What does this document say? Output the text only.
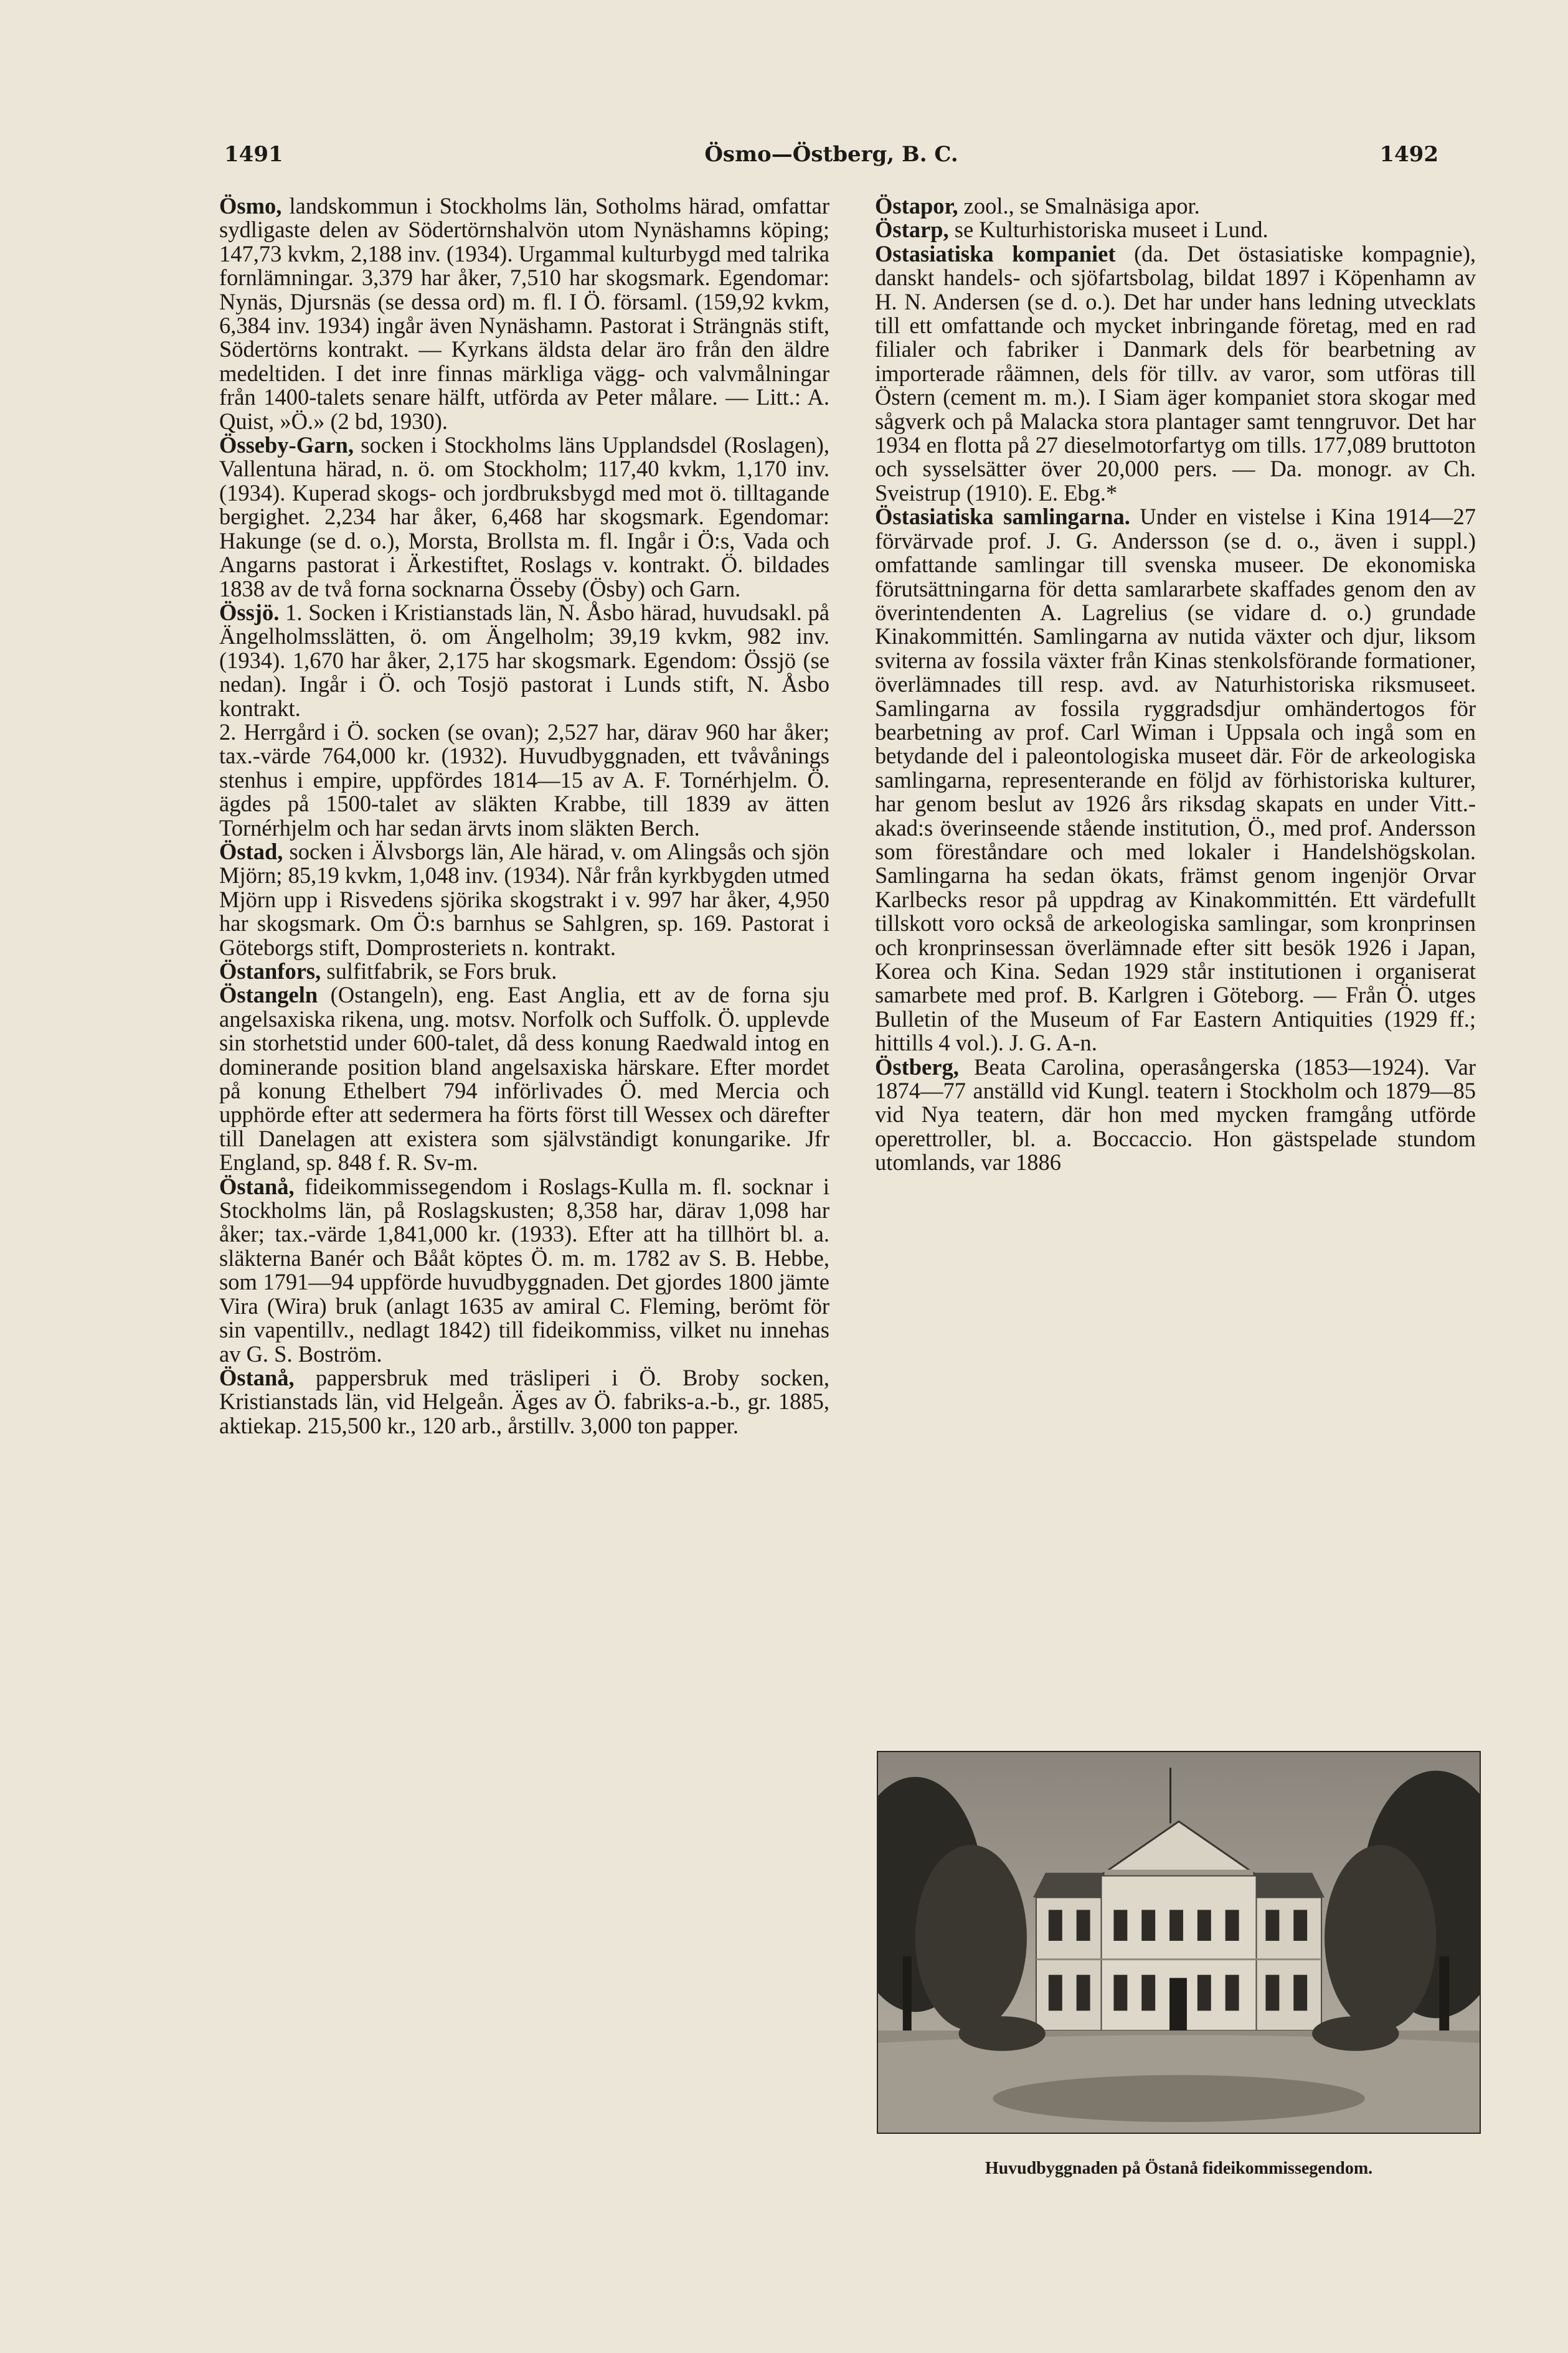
1491	Ösmo—Östberg, B. C.	1492

Ösmo, landskommun i Stockholms län, Sotholms härad, omfattar sydligaste delen av Södertörnshalvön utom Nynäshamns köping; 147,73 kvkm, 2,188 inv. (1934). Urgammal kulturbygd med talrika fornlämningar. 3,379 har åker, 7,510 har skogsmark. Egendomar: Nynäs, Djursnäs (se dessa ord) m. fl. I Ö. församl. (159,92 kvkm, 6,384 inv. 1934) ingår även Nynäshamn. Pastorat i Strängnäs stift, Södertörns kontrakt. — Kyrkans äldsta delar äro från den äldre medeltiden. I det inre finnas märkliga vägg- och valvmålningar från 1400-talets senare hälft, utförda av Peter målare. — Litt.: A. Quist, »Ö.» (2 bd, 1930).

Össeby-Garn, socken i Stockholms läns Upplandsdel (Roslagen), Vallentuna härad, n. ö. om Stockholm; 117,40 kvkm, 1,170 inv. (1934). Kuperad skogs- och jordbruksbygd med mot ö. tilltagande bergighet. 2,234 har åker, 6,468 har skogsmark. Egendomar: Hakunge (se d. o.), Morsta, Brollsta m. fl. Ingår i Ö:s, Vada och Angarns pastorat i Ärkestiftet, Roslags v. kontrakt. Ö. bildades 1838 av de två forna socknarna Össeby (Ösby) och Garn.

Össjö. 1. Socken i Kristianstads län, N. Åsbo härad, huvudsakl. på Ängelholmsslätten, ö. om Ängelholm; 39,19 kvkm, 982 inv. (1934). 1,670 har åker, 2,175 har skogsmark. Egendom: Össjö (se nedan). Ingår i Ö. och Tosjö pastorat i Lunds stift, N. Åsbo kontrakt.

2. Herrgård i Ö. socken (se ovan); 2,527 har, därav 960 har åker; tax.-värde 764,000 kr. (1932). Huvudbyggnaden, ett tvåvånings stenhus i empire, uppfördes 1814—15 av A. F. Tornérhjelm. Ö. ägdes på 1500-talet av släkten Krabbe, till 1839 av ätten Tornérhjelm och har sedan ärvts inom släkten Berch.

Östad, socken i Älvsborgs län, Ale härad, v. om Alingsås och sjön Mjörn; 85,19 kvkm, 1,048 inv. (1934). Når från kyrkbygden utmed Mjörn upp i Risvedens sjörika skogstrakt i v. 997 har åker, 4,950 har skogsmark. Om Ö:s barnhus se Sahlgren, sp. 169. Pastorat i Göteborgs stift, Domprosteriets n. kontrakt.

Östanfors, sulfitfabrik, se Fors bruk.

Östangeln (Ostangeln), eng. East Anglia, ett av de forna sju angelsaxiska rikena, ung. motsv. Norfolk och Suffolk. Ö. upplevde sin storhetstid under 600-talet, då dess konung Raedwald intog en dominerande position bland angelsaxiska härskare. Efter mordet på konung Ethelbert 794 införlivades Ö. med Mercia och upphörde efter att sedermera ha förts först till Wessex och därefter till Danelagen att existera som självständigt konungarike. Jfr England, sp. 848 f. R. Sv-m.

Östanå, fideikommissegendom i Roslags-Kulla m. fl. socknar i Stockholms län, på Roslagskusten; 8,358 har, därav 1,098 har åker; tax.-värde 1,841,000 kr. (1933). Efter att ha tillhört bl. a. släkterna Banér och Bååt köptes Ö. m. m. 1782 av S. B. Hebbe, som 1791—94 uppförde huvudbyggnaden. Det gjordes 1800 jämte Vira (Wira) bruk (anlagt 1635 av amiral C. Fleming, berömt för sin vapentillv., nedlagt 1842) till fideikommiss, vilket nu innehas av G. S. Boström.

Östanå, pappersbruk med träsliperi i Ö. Broby socken, Kristianstads län, vid Helgeån. Äges av Ö. fabriks-a.-b., gr. 1885, aktiekap. 215,500 kr., 120 arb., årstillv. 3,000 ton papper.

Östapor, zool., se Smalnäsiga apor.

Östarp, se Kulturhistoriska museet i Lund.

Ostasiatiska kompaniet (da. Det östasiatiske kompagnie), danskt handels- och sjöfartsbolag, bildat 1897 i Köpenhamn av H. N. Andersen (se d. o.). Det har under hans ledning utvecklats till ett omfattande och mycket inbringande företag, med en rad filialer och fabriker i Danmark dels för bearbetning av importerade råämnen, dels för tillv. av varor, som utföras till Östern (cement m. m.). I Siam äger kompaniet stora skogar med sågverk och på Malacka stora plantager samt tenngruvor. Det har 1934 en flotta på 27 dieselmotorfartyg om tills. 177,089 bruttoton och sysselsätter över 20,000 pers. — Da. monogr. av Ch. Sveistrup (1910). E. Ebg.*

Östasiatiska samlingarna. Under en vistelse i Kina 1914—27 förvärvade prof. J. G. Andersson (se d. o., även i suppl.) omfattande samlingar till svenska museer. De ekonomiska förutsättningarna för detta samlararbete skaffades genom den av överintendenten A. Lagrelius (se vidare d. o.) grundade Kinakommittén. Samlingarna av nutida växter och djur, liksom sviterna av fossila växter från Kinas stenkolsförande formationer, överlämnades till resp. avd. av Naturhistoriska riksmuseet. Samlingarna av fossila ryggradsdjur omhändertogos för bearbetning av prof. Carl Wiman i Uppsala och ingå som en betydande del i paleontologiska museet där. För de arkeologiska samlingarna, representerande en följd av förhistoriska kulturer, har genom beslut av 1926 års riksdag skapats en under Vitt.-akad:s överinseende stående institution, Ö., med prof. Andersson som föreståndare och med lokaler i Handelshögskolan. Samlingarna ha sedan ökats, främst genom ingenjör Orvar Karlbecks resor på uppdrag av Kinakommittén. Ett värdefullt tillskott voro också de arkeologiska samlingar, som kronprinsen och kronprinsessan överlämnade efter sitt besök 1926 i Japan, Korea och Kina. Sedan 1929 står institutionen i organiserat samarbete med prof. B. Karlgren i Göteborg. — Från Ö. utges Bulletin of the Museum of Far Eastern Antiquities (1929 ff.; hittills 4 vol.). J. G. A-n.

Östberg, Beata Carolina, operasångerska (1853—1924). Var 1874—77 anställd vid Kungl. teatern i Stockholm och 1879—85 vid Nya teatern, där hon med mycken framgång utförde operettroller, bl. a. Boccaccio. Hon gästspelade stundom utomlands, var 1886

Huvudbyggnaden på Östanå fideikommissegendom.
